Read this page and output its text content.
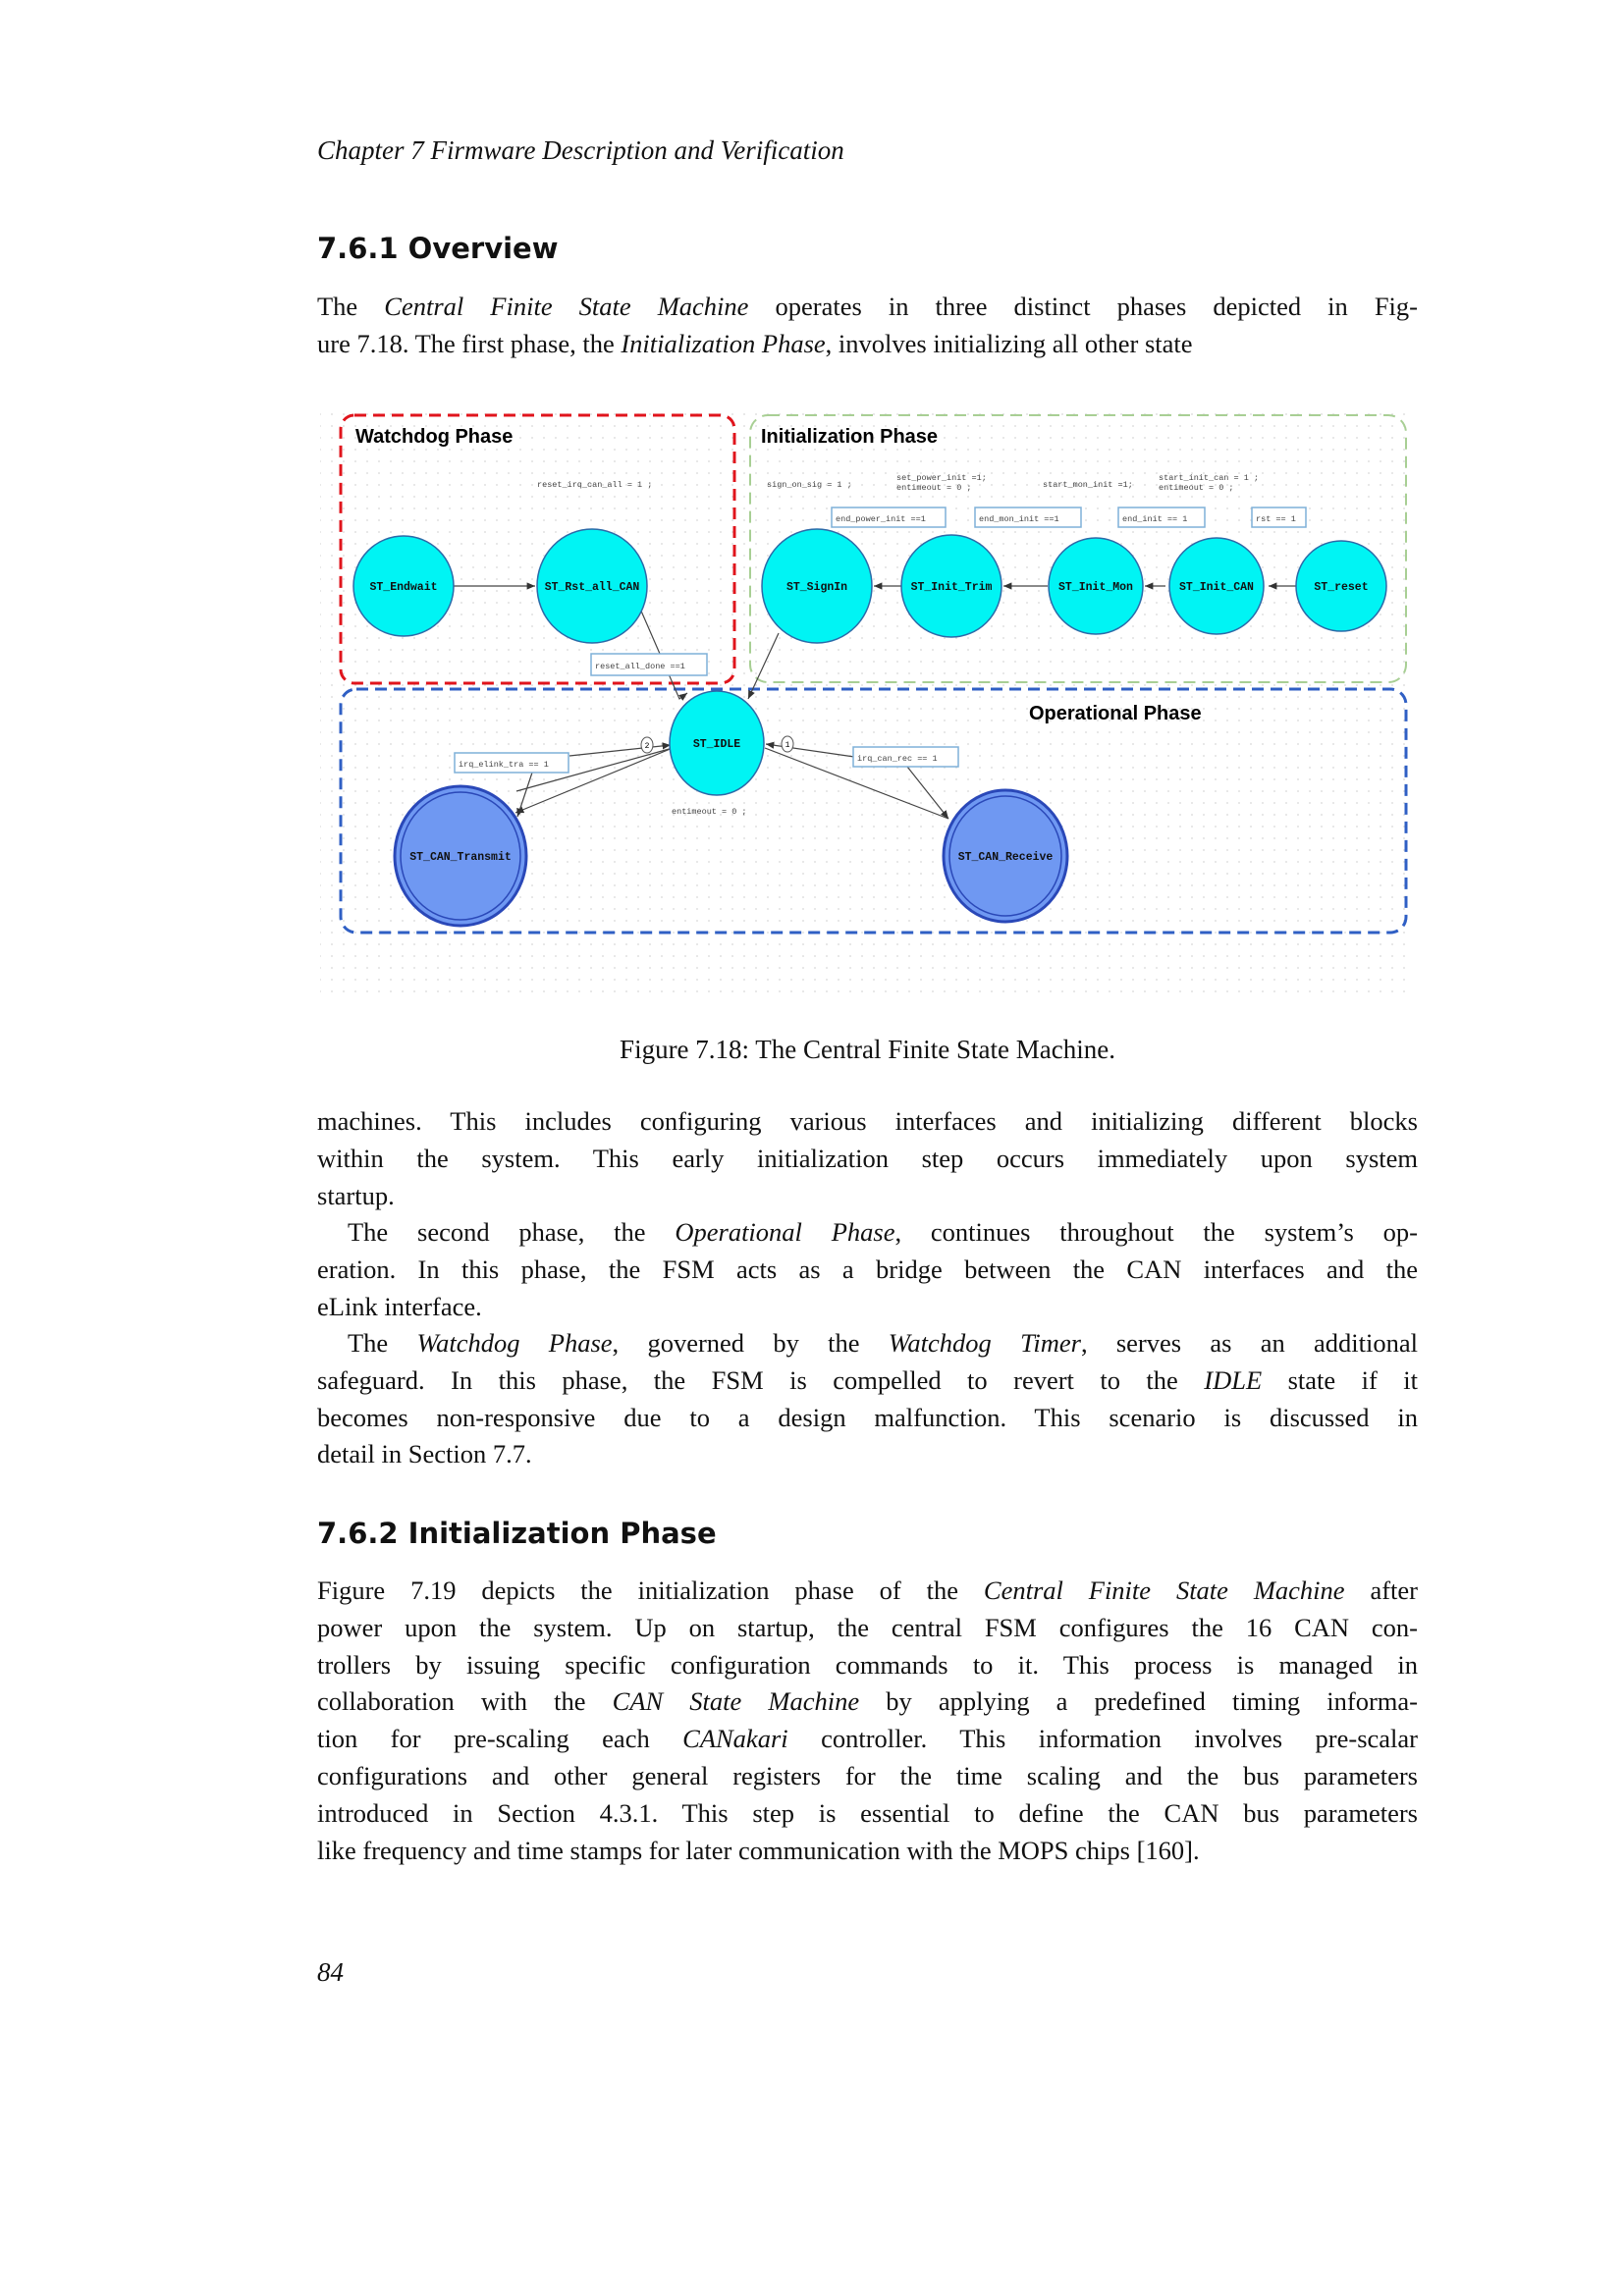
Chapter 7 Firmware Description and Verification
7.6.1 Overview
The Central Finite State Machine operates in three distinct phases depicted in Fig-
ure 7.18. The first phase, the Initialization Phase, involves initializing all other state
Watchdog Phase	Initialization Phase
Operational Phase
ST_Endwait	ST_Rst_all_CAN	ST_SignIn	ST_Init_Trim	ST_Init_Mon	ST_Init_CAN	ST_reset
ST_IDLE
ST_CAN_Transmit	ST_CAN_Receive
reset_all_done ==1
end_power_init ==1	end_mon_init ==1	end_init == 1	rst == 1
irq_elink_tra == 1
irq_can_rec == 1
reset_irq_can_all = 1 ;	sign_on_sig = 1 ;
set_power_init =1;
entimeout = 0 ;	start_mon_init =1;
start_init_can = 1 ;
entimeout = 0 ;
entimeout = 0 ;
2	1
Figure 7.18: The Central Finite State Machine.
machines. This includes configuring various interfaces and initializing different blocks
within the system. This early initialization step occurs immediately upon system
startup.
The second phase, the Operational Phase, continues throughout the system’s op-
eration. In this phase, the FSM acts as a bridge between the CAN interfaces and the
eLink interface.
The Watchdog Phase, governed by the Watchdog Timer, serves as an additional
safeguard. In this phase, the FSM is compelled to revert to the IDLE state if it
becomes non-responsive due to a design malfunction. This scenario is discussed in
detail in Section 7.7.
7.6.2 Initialization Phase
Figure 7.19 depicts the initialization phase of the Central Finite State Machine after
power upon the system. Up on startup, the central FSM configures the 16 CAN con-
trollers by issuing specific configuration commands to it. This process is managed in
collaboration with the CAN State Machine by applying a predefined timing informa-
tion for pre-scaling each CANakari controller. This information involves pre-scalar
configurations and other general registers for the time scaling and the bus parameters
introduced in Section 4.3.1. This step is essential to define the CAN bus parameters
like frequency and time stamps for later communication with the MOPS chips [160].
84
